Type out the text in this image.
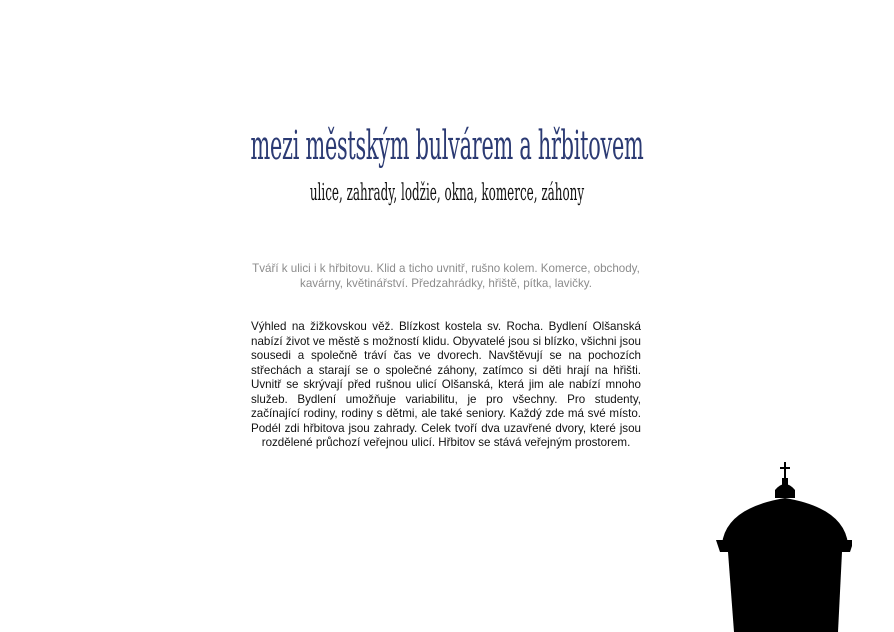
mezi městským bulvárem a hřbitovem
ulice, zahrady, lodžie, okna, komerce, záhony

Tváří k ulici i k hřbitovu. Klid a ticho uvnitř, rušno kolem. Komerce, obchody, kavárny, květinářství. Předzahrádky, hřiště, pítka, lavičky.

Výhled na žižkovskou věž. Blízkost kostela sv. Rocha. Bydlení Olšanská nabízí život ve městě s možností klidu. Obyvatelé jsou si blízko, všichni jsou sousedi a společně tráví čas ve dvorech. Navštěvují se na pochozích střechách a starají se o společné záhony, zatímco si děti hrají na hřišti. Uvnitř se skrývají před rušnou ulicí Olšanská, která jim ale nabízí mnoho služeb. Bydlení umožňuje variabilitu, je pro všechny. Pro studenty, začínající rodiny, rodiny s dětmi, ale také seniory. Každý zde má své místo. Podél zdi hřbitova jsou zahrady. Celek tvoří dva uzavřené dvory, které jsou rozdělené průchozí veřejnou ulicí. Hřbitov se stává veřejným prostorem.
